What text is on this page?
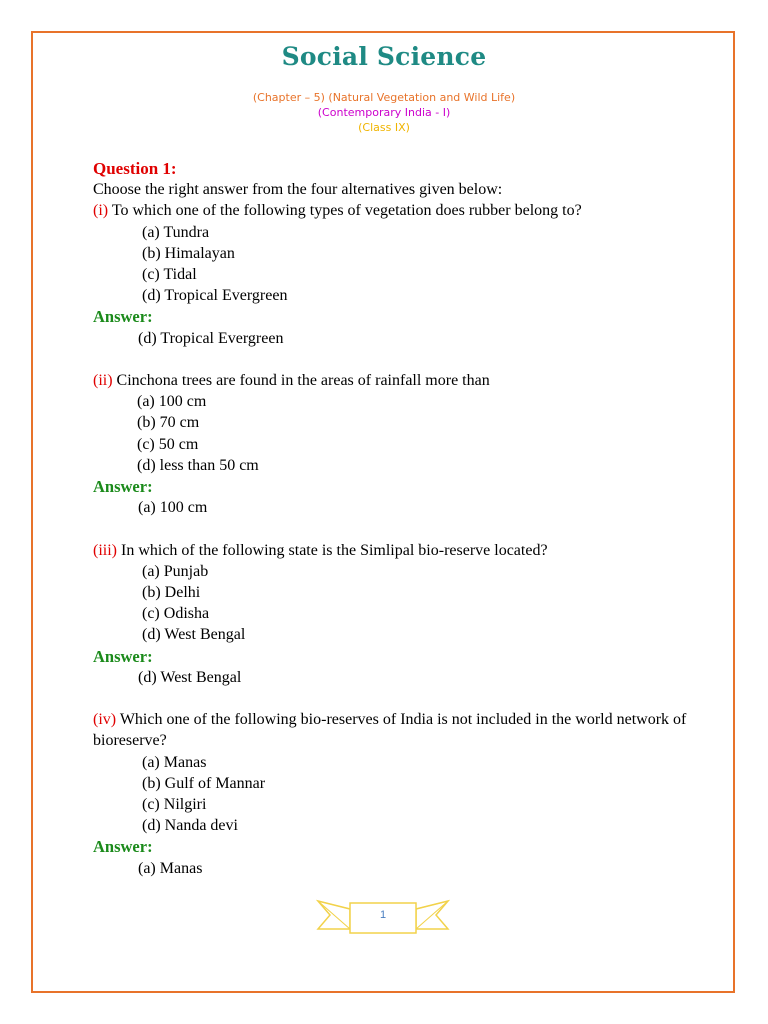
Social Science
(Chapter – 5) (Natural Vegetation and Wild Life)
(Contemporary India - I)
(Class IX)
Question 1:
Choose the right answer from the four alternatives given below:
(i) To which one of the following types of vegetation does rubber belong to?
(a) Tundra
(b) Himalayan
(c) Tidal
(d) Tropical Evergreen
Answer:
(d) Tropical Evergreen
(ii) Cinchona trees are found in the areas of rainfall more than
(a) 100 cm
(b) 70 cm
(c) 50 cm
(d) less than 50 cm
Answer:
(a) 100 cm
(iii) In which of the following state is the Simlipal bio-reserve located?
(a) Punjab
(b) Delhi
(c) Odisha
(d) West Bengal
Answer:
(d) West Bengal
(iv) Which one of the following bio-reserves of India is not included in the world network of bioreserve?
(a) Manas
(b) Gulf of Mannar
(c) Nilgiri
(d) Nanda devi
Answer:
(a) Manas
1
